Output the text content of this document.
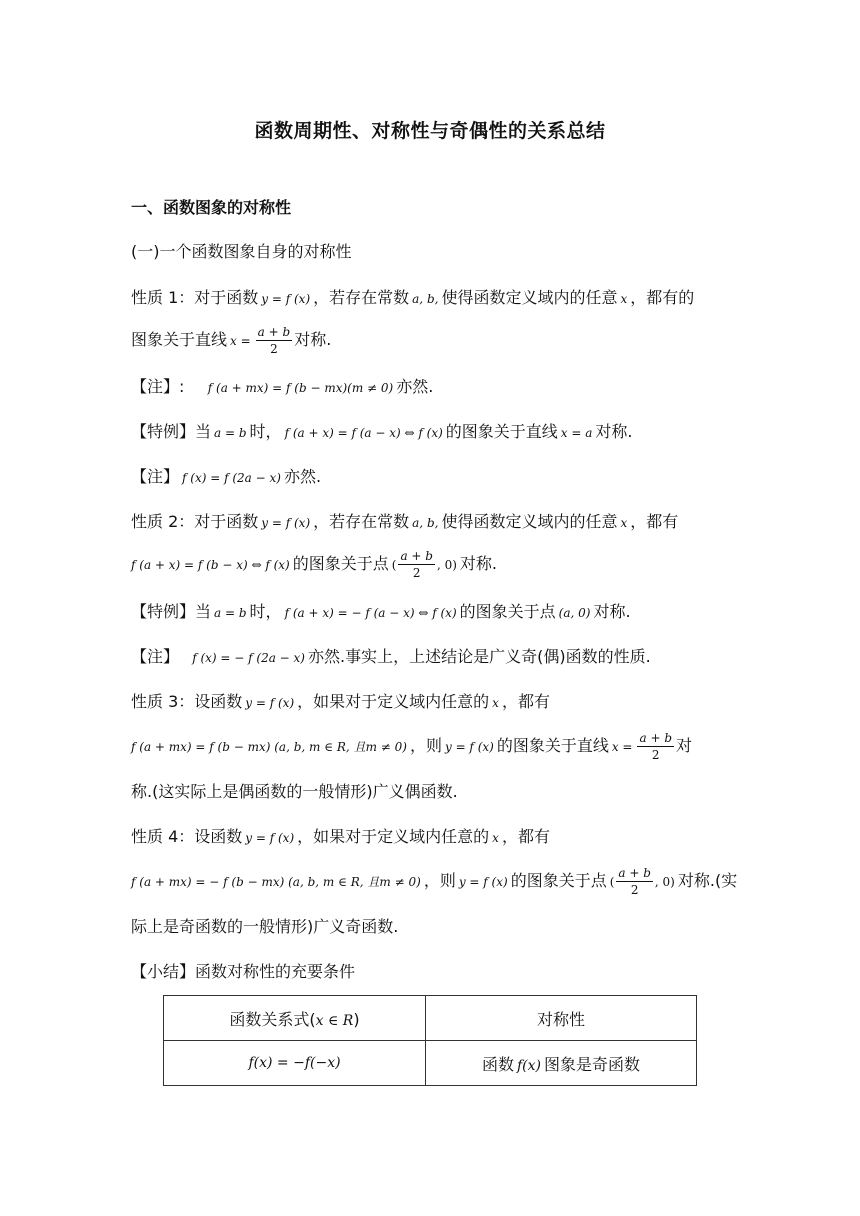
函数周期性、对称性与奇偶性的关系总结
一、函数图象的对称性
(一)一个函数图象自身的对称性
性质 1：对于函数 y = f (x) ，若存在常数 a, b, 使得函数定义域内的任意 x ，都有的
图象关于直线 $x = \frac{a + b}{2}$ 对称.
【注】: f (a + mx) = f (b − mx)(m ≠ 0) 亦然.
【特例】当 a = b 时， f (a + x) = f (a − x) ⇔ f (x) 的图象关于直线 x = a 对称.
【注】 f (x) = f (2a − x) 亦然.
性质 2：对于函数 y = f (x) ，若存在常数 a, b, 使得函数定义域内的任意 x ，都有
f (a + x) = f (b − x) ⇔ f (x) 的图象关于点 ( $\frac{a + b}{2}$ , 0) 对称.
【特例】当 a = b 时， f (a + x) = − f (a − x) ⇔ f (x) 的图象关于点 (a, 0) 对称.
【注】 f (x) = − f (2a − x) 亦然.事实上，上述结论是广义奇(偶)函数的性质.
性质 3：设函数 y = f (x) ，如果对于定义域内任意的 x ，都有
f (a + mx) = f (b − mx) (a, b, m ∈ R, 且m ≠ 0) ，则 y = f (x) 的图象关于直线 $x = \frac{a + b}{2}$ 对
称.(这实际上是偶函数的一般情形)广义偶函数.
性质 4：设函数 y = f (x) ，如果对于定义域内任意的 x ，都有
f (a + mx) = − f (b − mx) (a, b, m ∈ R, 且m ≠ 0) ，则 y = f (x) 的图象关于点 ( $\frac{a + b}{2}$ , 0) 对称.(实
际上是奇函数的一般情形)广义奇函数.
【小结】函数对称性的充要条件
函数关系式(x ∈ R)	对称性
f(x) = −f(−x)	函数 f(x) 图象是奇函数
